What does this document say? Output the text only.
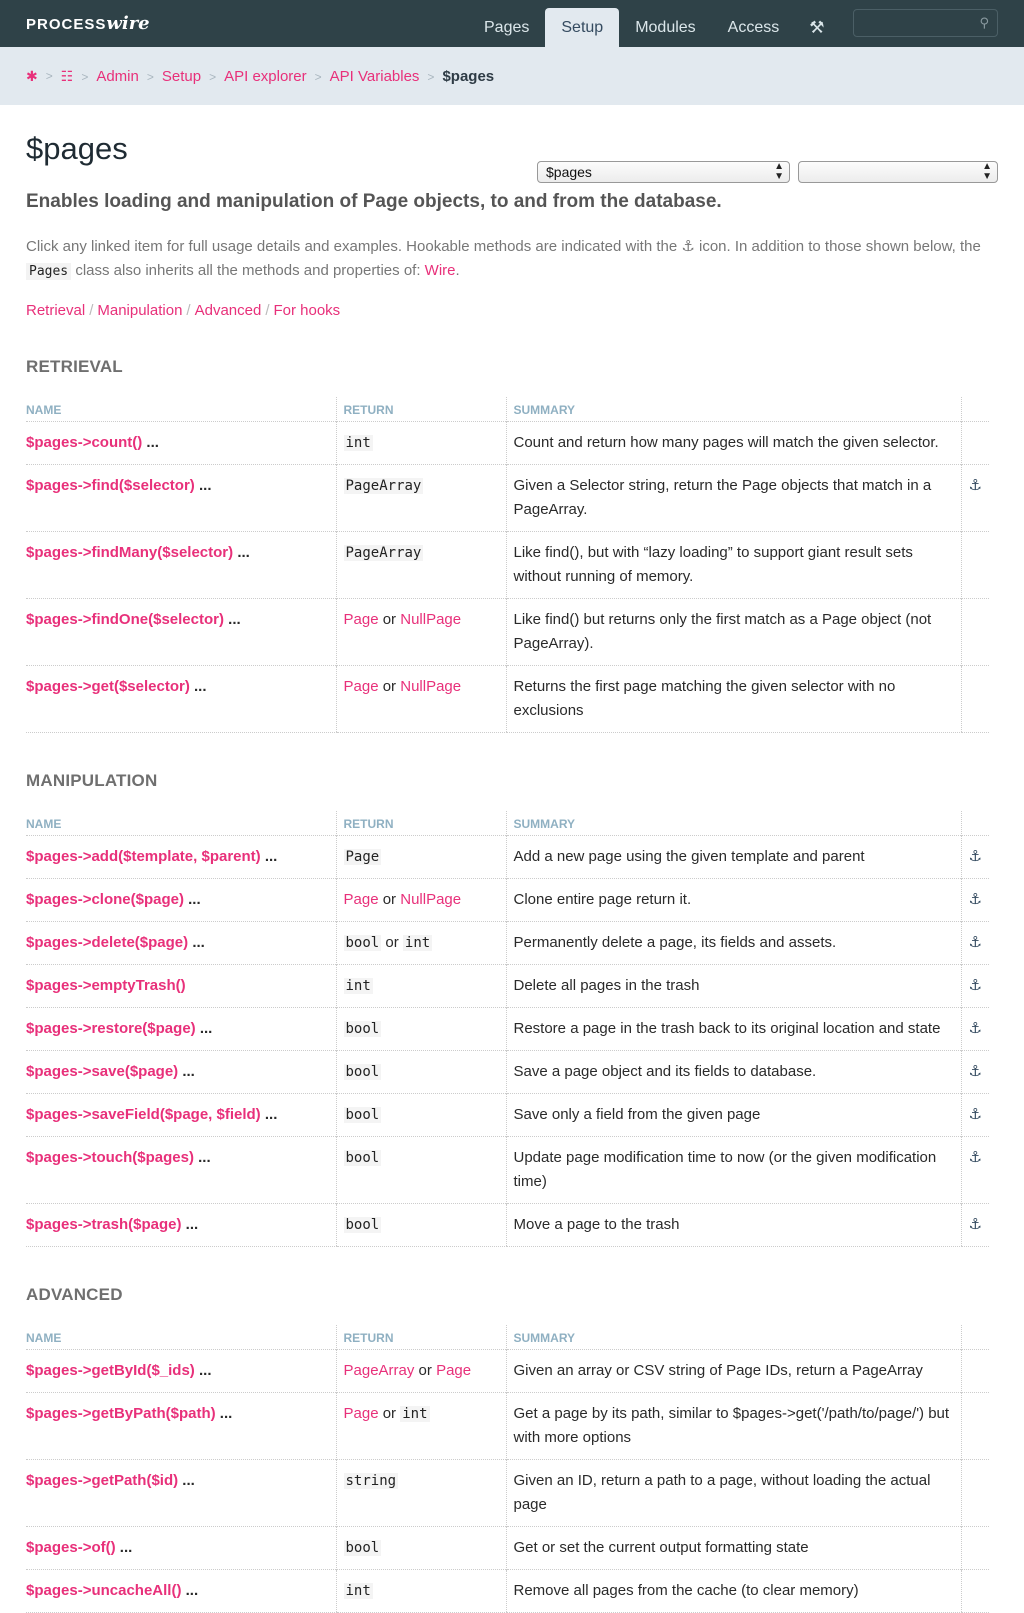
PROCESSwire	Pages	Setup	Modules	Access	⚒	⚲
✱ > ☷ > Admin > Setup > API explorer > API Variables > $pages
$pages
$pages	▲
▼
▲
▼
Enables loading and manipulation of Page objects, to and from the database.
Click any linked item for full usage details and examples. Hookable methods are indicated with the ⚓ icon. In addition to those shown below, the Pages class also inherits all the methods and properties of: Wire.
Retrieval / Manipulation / Advanced / For hooks
RETRIEVAL
NAME	RETURN	SUMMARY	
$pages->count() ...	int	Count and return how many pages will match the given selector.	
$pages->find($selector) ...	PageArray	Given a Selector string, return the Page objects that match in a PageArray.	⚓
$pages->findMany($selector) ...	PageArray	Like find(), but with “lazy loading” to support giant result sets without running of memory.	
$pages->findOne($selector) ...	Page or NullPage	Like find() but returns only the first match as a Page object (not PageArray).	
$pages->get($selector) ...	Page or NullPage	Returns the first page matching the given selector with no exclusions	
MANIPULATION
NAME	RETURN	SUMMARY	
$pages->add($template, $parent) ...	Page	Add a new page using the given template and parent	⚓
$pages->clone($page) ...	Page or NullPage	Clone entire page return it.	⚓
$pages->delete($page) ...	bool or int	Permanently delete a page, its fields and assets.	⚓
$pages->emptyTrash()	int	Delete all pages in the trash	⚓
$pages->restore($page) ...	bool	Restore a page in the trash back to its original location and state	⚓
$pages->save($page) ...	bool	Save a page object and its fields to database.	⚓
$pages->saveField($page, $field) ...	bool	Save only a field from the given page	⚓
$pages->touch($pages) ...	bool	Update page modification time to now (or the given modification time)	⚓
$pages->trash($page) ...	bool	Move a page to the trash	⚓
ADVANCED
NAME	RETURN	SUMMARY	
$pages->getById($_ids) ...	PageArray or Page	Given an array or CSV string of Page IDs, return a PageArray	
$pages->getByPath($path) ...	Page or int	Get a page by its path, similar to $pages->get('/path/to/page/') but with more options	
$pages->getPath($id) ...	string	Given an ID, return a path to a page, without loading the actual page	
$pages->of() ...	bool	Get or set the current output formatting state	
$pages->uncacheAll() ...	int	Remove all pages from the cache (to clear memory)	
